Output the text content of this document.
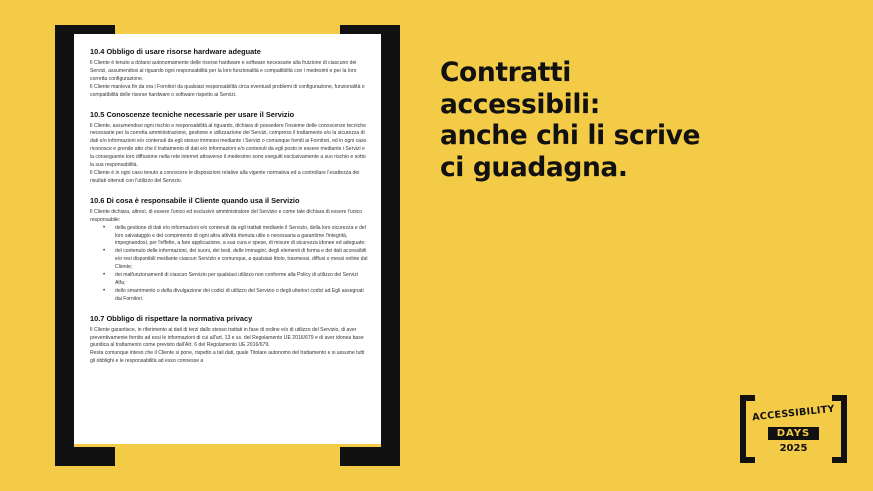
10.4 Obbligo di usare risorse hardware adeguate

Il Cliente è tenuto a dotarsi autonomamente delle risorse hardware e software necessarie alla fruizione di ciascuno dei Servizi, assumendosi al riguardo ogni responsabilità per la loro funzionalità e compatibilità con i medesimi e per la loro corretta configurazione.

Il Cliente manleva fin da ora i Fornitori da qualsiasi responsabilità circa eventuali problemi di configurazione, funzionalità o compatibilità delle risorse hardware o software rispetto ai Servizi.

10.5 Conoscenze tecniche necessarie per usare il Servizio

Il Cliente, assumendosi ogni rischio e responsabilità al riguardo, dichiara di possedere l'insieme delle conoscenze tecniche necessarie per la corretta amministrazione, gestione e utilizzazione dei Servizi, compreso il trattamento e/o la sicurezza di dati e/o informazioni e/o contenuti da egli stesso immessi mediante i Servizi o comunque forniti ai Fornitori, ed in ogni caso riconosce e prende atto che il trattamento di dati e/o informazioni e/o contenuti da egli posto in essere mediante i Servizi e la conseguente loro diffusione nella rete internet attraverso il medesimo sono eseguiti esclusivamente a suo rischio e sotto la sua responsabilità.

Il Cliente è in ogni caso tenuto a conoscere le disposizioni relative alla vigente normativa ed a controllare l'esattezza dei risultati ottenuti con l'utilizzo del Servizio.

10.6 Di cosa è responsabile il Cliente quando usa il Servizio

Il Cliente dichiara, altresì, di essere l'unico ed esclusivo amministratore del Servizio e come tale dichiara di essere l'unico responsabile:

• della gestione di dati e/o informazioni e/o contenuti da egli trattati mediante il Servizio, della loro sicurezza e del loro salvataggio e del compimento di ogni altra attività ritenuta utile o necessaria a garantirne l'integrità, impegnandosi, per l'effetto, a fare applicazione, a sua cura e spese, di misure di sicurezza idonee ed adeguate;
• del contenuto delle informazioni, dei suoni, dei testi, delle immagini, degli elementi di forma e dei dati accessibili e/o resi disponibili mediante ciascun Servizio e comunque, a qualsiasi titolo, trasmessi, diffusi o messi online dal Cliente;
• dei malfunzionamenti di ciascun Servizio per qualsiasi utilizzo non conforme alla Policy di utilizzo dei Servizi Alfa;
• dello smarrimento o della divulgazione dei codici di utilizzo del Servizio o degli ulteriori codici ad Egli assegnati dai Fornitori.
10.7 Obbligo di rispettare la normativa privacy

Il Cliente garantisce, in riferimento ai dati di terzi dallo stesso trattati in fase di ordine e/o di utilizzo del Servizio, di aver preventivamente fornito ad essi le informazioni di cui all'art. 13 e ss. del Regolamento UE 2016/679 e di aver idonea base giuridica al trattamento come previsto dall'Art. 6 del Regolamento UE 2016/679.

Resta comunque inteso che il Cliente si pone, rispetto a tali dati, quale Titolare autonomo del trattamento e si assume tutti gli obblighi e le responsabilità ad esso connesse a

Contratti
accessibili:
anche chi li scrive
ci guadagna.
ACCESSIBILITY
DAYS
2025
